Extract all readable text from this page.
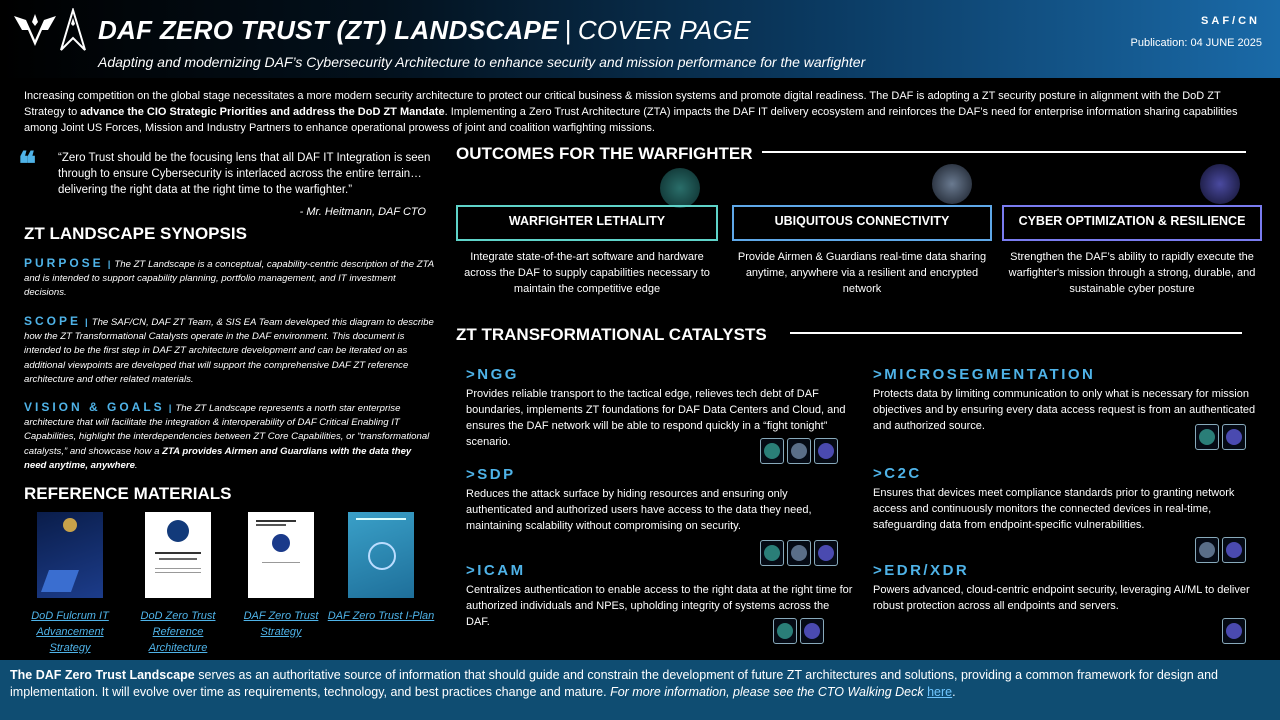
DAF ZERO TRUST (ZT) LANDSCAPE | COVER PAGE
Adapting and modernizing DAF’s Cybersecurity Architecture to enhance security and mission performance for the warfighter
SAF/CN
Publication: 04 JUNE 2025
Increasing competition on the global stage necessitates a more modern security architecture to protect our critical business & mission systems and promote digital readiness. The DAF is adopting a ZT security posture in alignment with the DoD ZT Strategy to advance the CIO Strategic Priorities and address the DoD ZT Mandate. Implementing a Zero Trust Architecture (ZTA) impacts the DAF IT delivery ecosystem and reinforces the DAF’s need for enterprise information sharing capabilities among Joint US Forces, Mission and Industry Partners to enhance operational prowess of joint and coalition warfighting missions.
❝ “Zero Trust should be the focusing lens that all DAF IT Integration is seen through to ensure Cybersecurity is interlaced across the entire terrain… delivering the right data at the right time to the warfighter.”
- Mr. Heitmann, DAF CTO
ZT LANDSCAPE SYNOPSIS
PURPOSE | The ZT Landscape is a conceptual, capability-centric description of the ZTA and is intended to support capability planning, portfolio management, and IT investment decisions.
SCOPE | The SAF/CN, DAF ZT Team, & SIS EA Team developed this diagram to describe how the ZT Transformational Catalysts operate in the DAF environment. This document is intended to be the first step in DAF ZT architecture development and can be iterated on as additional viewpoints are developed that will support the comprehensive DAF ZT reference architecture and other related materials.
VISION & GOALS | The ZT Landscape represents a north star enterprise architecture that will facilitate the integration & interoperability of DAF Critical Enabling IT Capabilities, highlight the interdependencies between ZT Core Capabilities, or “transformational catalysts,” and showcase how a ZTA provides Airmen and Guardians with the data they need anytime, anywhere.
REFERENCE MATERIALS
DoD Fulcrum IT Advancement Strategy
DoD Zero Trust Reference Architecture
DAF Zero Trust Strategy
DAF Zero Trust I-Plan
OUTCOMES FOR THE WARFIGHTER
WARFIGHTER LETHALITY	UBIQUITOUS CONNECTIVITY	CYBER OPTIMIZATION & RESILIENCE
Integrate state-of-the-art software and hardware across the DAF to supply capabilities necessary to maintain the competitive edge
Provide Airmen & Guardians real-time data sharing anytime, anywhere via a resilient and encrypted network
Strengthen the DAF’s ability to rapidly execute the warfighter's mission through a strong, durable, and sustainable cyber posture
ZT TRANSFORMATIONAL CATALYSTS
>NGG
Provides reliable transport to the tactical edge, relieves tech debt of DAF boundaries, implements ZT foundations for DAF Data Centers and Cloud, and ensures the DAF network will be able to respond quickly in a “fight tonight” scenario.
>SDP
Reduces the attack surface by hiding resources and ensuring only authenticated and authorized users have access to the data they need, maintaining scalability without compromising on security.
>ICAM
Centralizes authentication to enable access to the right data at the right time for authorized individuals and NPEs, upholding integrity of systems across the DAF.
>MICROSEGMENTATION
Protects data by limiting communication to only what is necessary for mission objectives and by ensuring every data access request is from an authenticated and authorized source.
>C2C
Ensures that devices meet compliance standards prior to granting network access and continuously monitors the connected devices in real-time, safeguarding data from endpoint-specific vulnerabilities.
>EDR/XDR
Powers advanced, cloud-centric endpoint security, leveraging AI/ML to deliver robust protection across all endpoints and servers.
The DAF Zero Trust Landscape serves as an authoritative source of information that should guide and constrain the development of future ZT architectures and solutions, providing a common framework for design and implementation. It will evolve over time as requirements, technology, and best practices change and mature. For more information, please see the CTO Walking Deck here.
